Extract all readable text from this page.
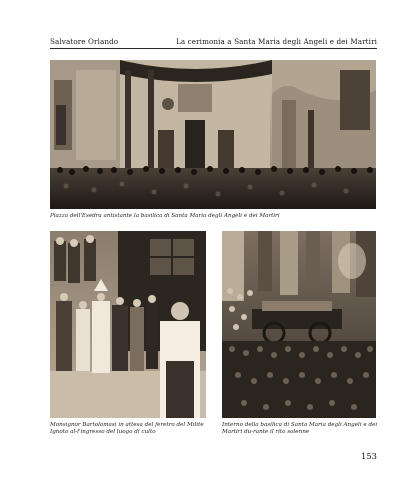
Salvatore Orlando	La cerimonia a Santa Maria degli Angeli e dei Martiri
Piazza dell'Esedra antistante la basilica di Santa Maria degli Angeli e dei Martiri
Monsignor Bartolomasi in attesa del feretro del Milite Ignoto al-l'ingresso del luogo di culto
Interno della basilica di Santa Maria degli Angeli e dei Martiri du-rante il rito solenne
153
